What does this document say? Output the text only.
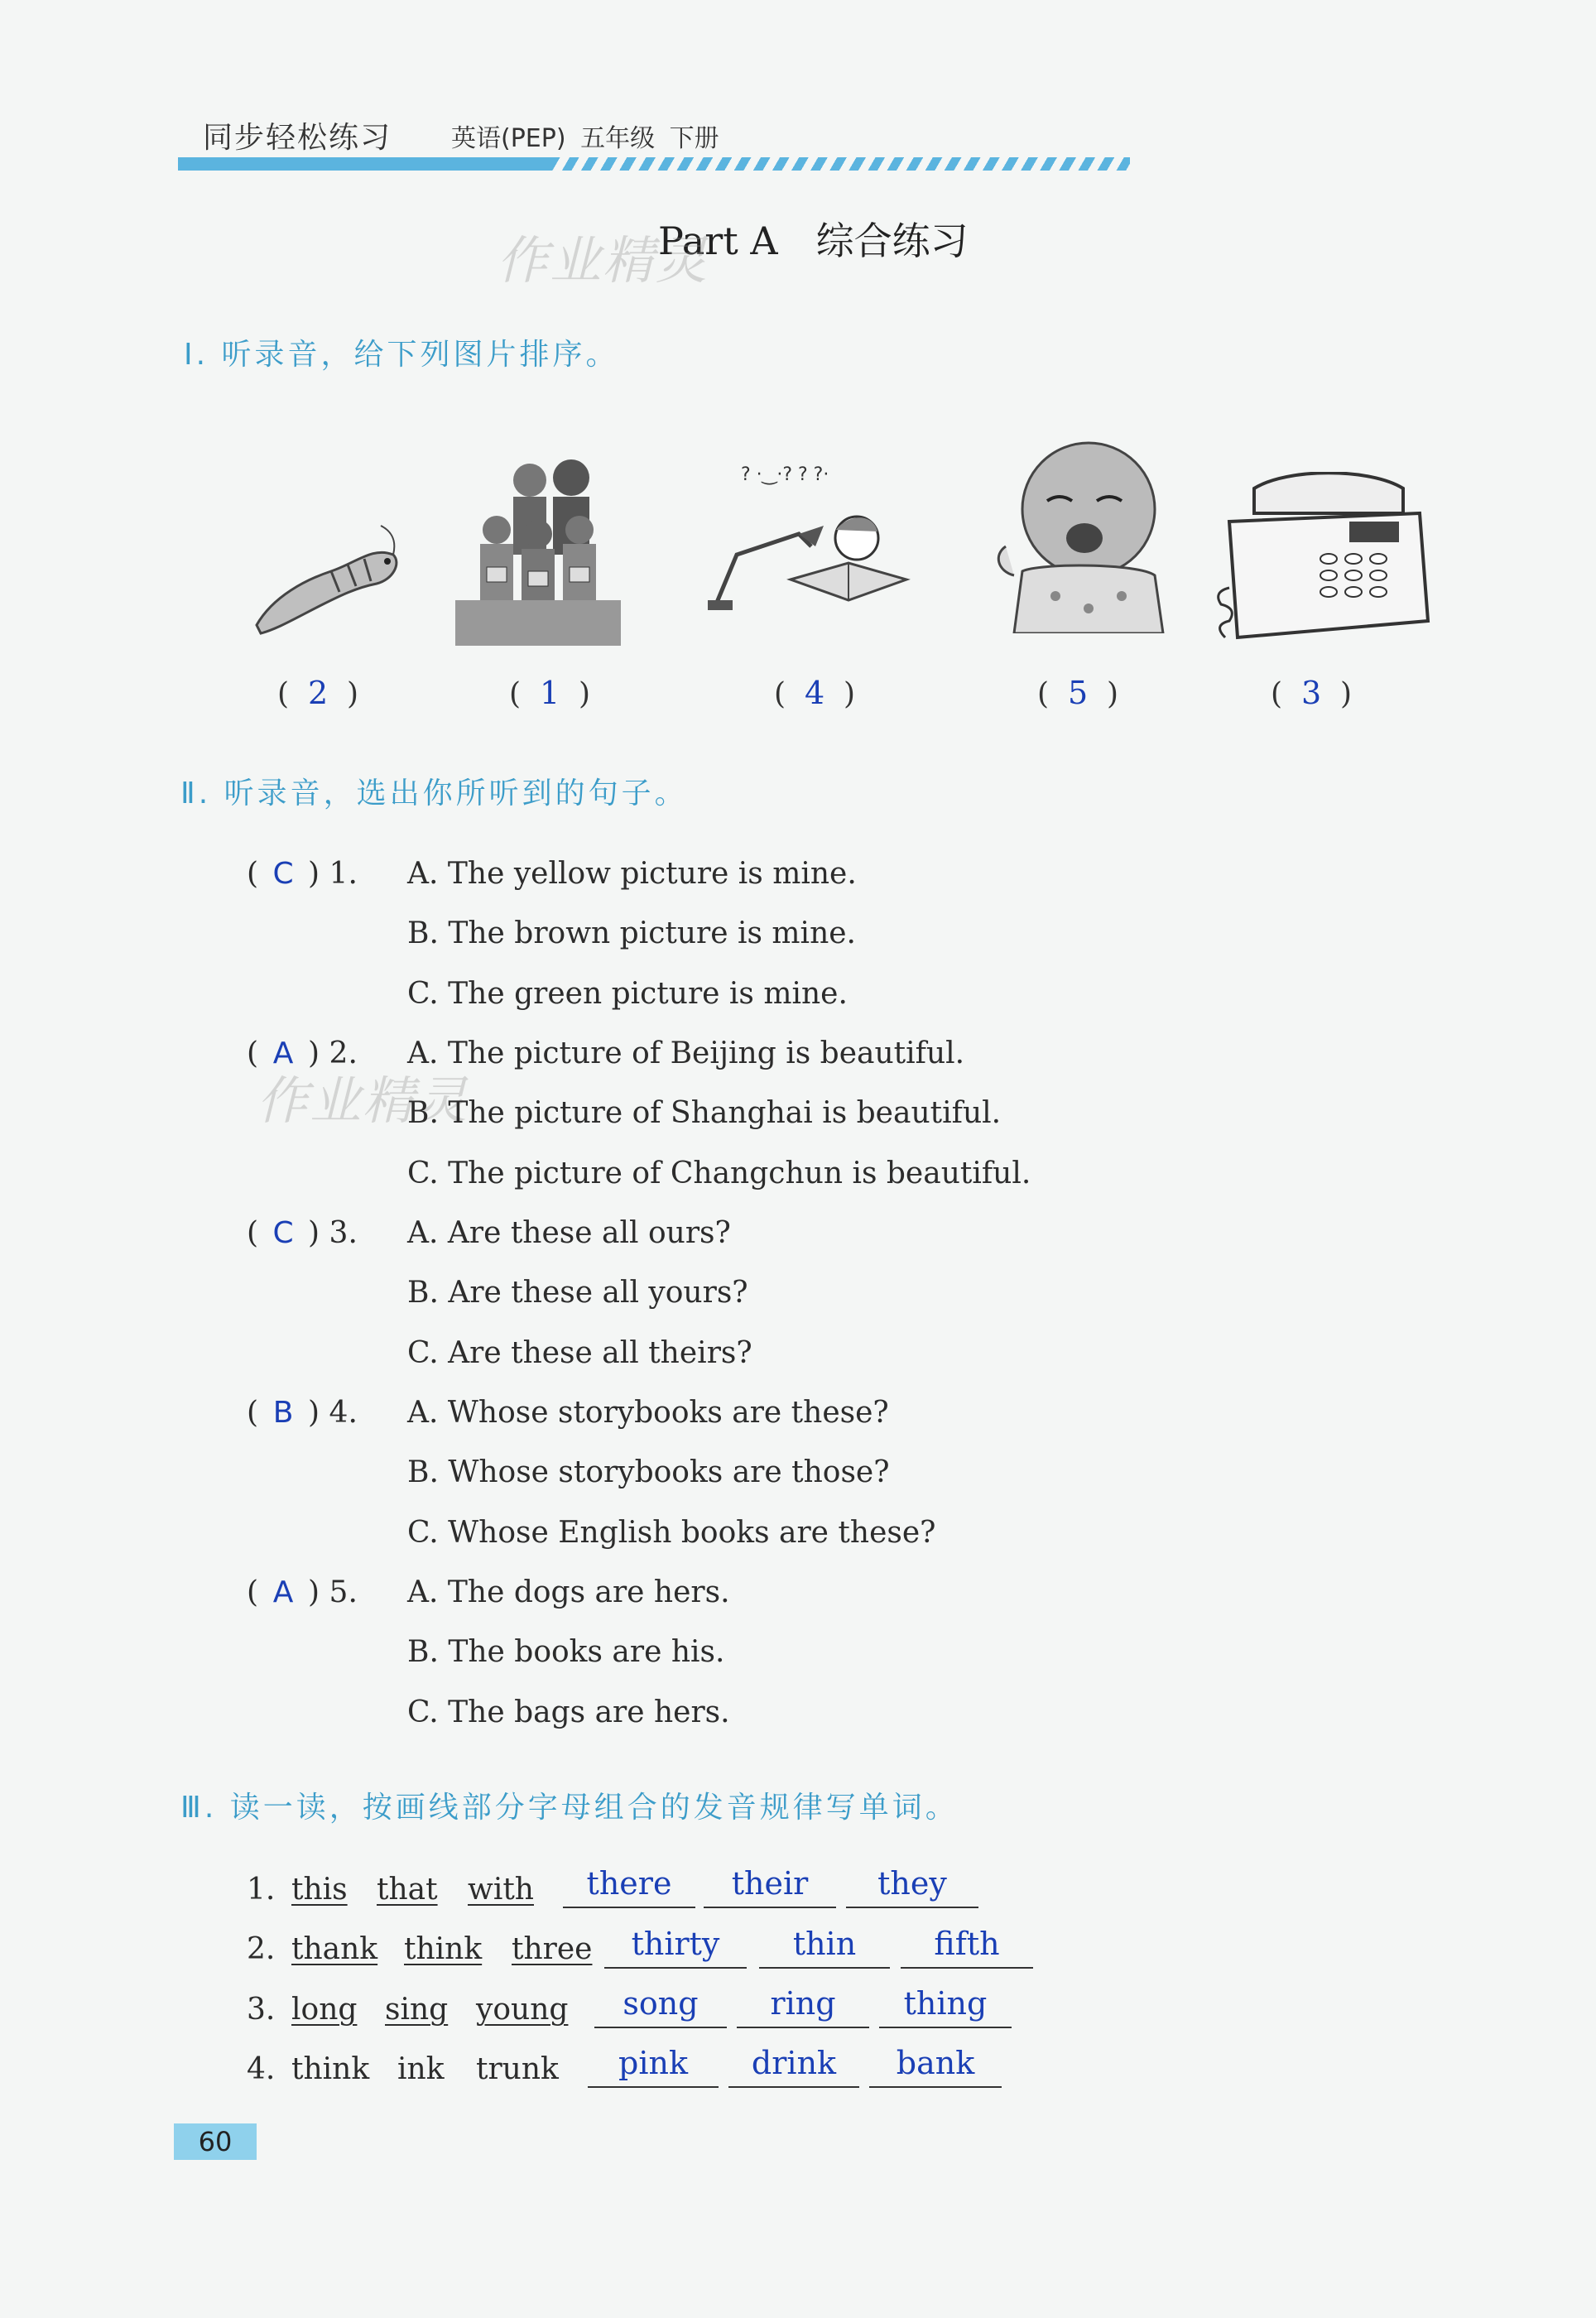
同步轻松练习 英语(PEP) 五年级 下册
Part A　综合练习
作业精灵
作业精灵
Ⅰ. 听录音，给下列图片排序。
? ·‿·? ? ?·
(  2  )	(  1  )	(  4  )	(  5  )	(  3  )
Ⅱ. 听录音，选出你所听到的句子。
( C ) 1. A. The yellow picture is mine.
B. The brown picture is mine.
C. The green picture is mine.
( A ) 2. A. The picture of Beijing is beautiful.
B. The picture of Shanghai is beautiful.
C. The picture of Changchun is beautiful.
( C ) 3. A. Are these all ours?
B. Are these all yours?
C. Are these all theirs?
( B ) 4. A. Whose storybooks are these?
B. Whose storybooks are those?
C. Whose English books are these?
( A ) 5. A. The dogs are hers.
B. The books are his.
C. The bags are hers.
Ⅲ. 读一读，按画线部分字母组合的发音规律写单词。
1. this that with	there	their	they
2. thank think three	thirty	thin	fifth
3. long sing young	song	ring	thing
4. think ink trunk	pink	drink	bank
60
